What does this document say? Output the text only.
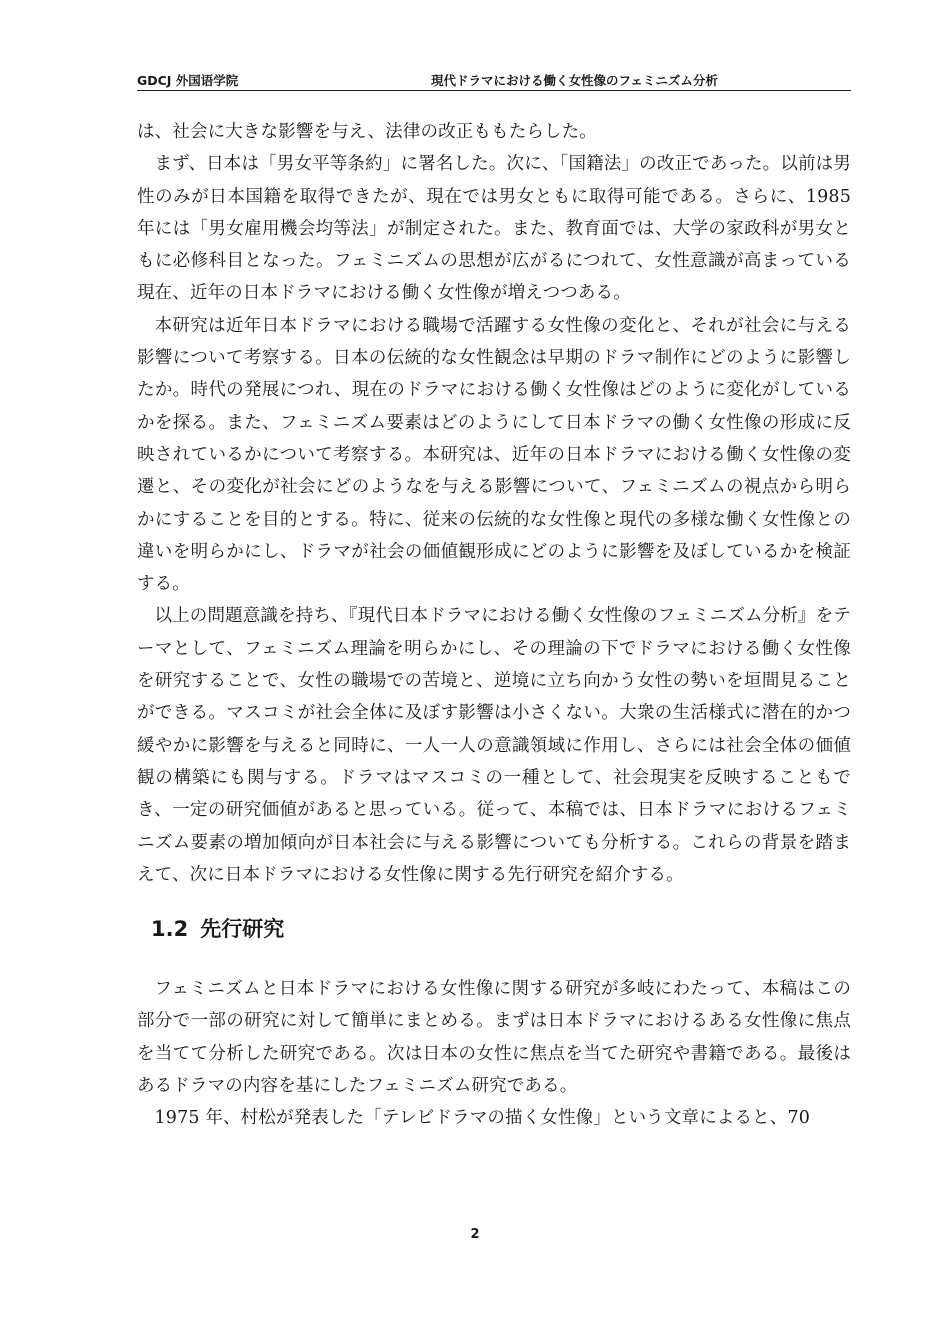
GDCJ 外国语学院	現代ドラマにおける働く女性像のフェミニズム分析

は、社会に大きな影響を与え、法律の改正ももたらした。

まず、日本は「男女平等条約」に署名した。次に、「国籍法」の改正であった。以前は男性のみが日本国籍を取得できたが、現在では男女ともに取得可能である。さらに、1985 年には「男女雇用機会均等法」が制定された。また、教育面では、大学の家政科が男女ともに必修科目となった。フェミニズムの思想が広がるにつれて、女性意識が高まっている現在、近年の日本ドラマにおける働く女性像が増えつつある。

本研究は近年日本ドラマにおける職場で活躍する女性像の変化と、それが社会に与える影響について考察する。日本の伝統的な女性観念は早期のドラマ制作にどのように影響したか。時代の発展につれ、現在のドラマにおける働く女性像はどのように変化がしているかを探る。また、フェミニズム要素はどのようにして日本ドラマの働く女性像の形成に反映されているかについて考察する。本研究は、近年の日本ドラマにおける働く女性像の変遷と、その変化が社会にどのようなを与える影響について、フェミニズムの視点から明らかにすることを目的とする。特に、従来の伝統的な女性像と現代の多様な働く女性像との違いを明らかにし、ドラマが社会の価値観形成にどのように影響を及ぼしているかを検証する。

以上の問題意識を持ち、『現代日本ドラマにおける働く女性像のフェミニズム分析』をテーマとして、フェミニズム理論を明らかにし、その理論の下でドラマにおける働く女性像を研究することで、女性の職場での苦境と、逆境に立ち向かう女性の勢いを垣間見ることができる。マスコミが社会全体に及ぼす影響は小さくない。大衆の生活様式に潜在的かつ緩やかに影響を与えると同時に、一人一人の意識領域に作用し、さらには社会全体の価値観の構築にも関与する。ドラマはマスコミの一種として、社会現実を反映することもでき、一定の研究価値があると思っている。従って、本稿では、日本ドラマにおけるフェミニズム要素の増加傾向が日本社会に与える影響についても分析する。これらの背景を踏まえて、次に日本ドラマにおける女性像に関する先行研究を紹介する。

1.2 先行研究

フェミニズムと日本ドラマにおける女性像に関する研究が多岐にわたって、本稿はこの部分で一部の研究に対して簡単にまとめる。まずは日本ドラマにおけるある女性像に焦点を当てて分析した研究である。次は日本の女性に焦点を当てた研究や書籍である。最後はあるドラマの内容を基にしたフェミニズム研究である。

1975 年、村松が発表した「テレビドラマの描く女性像」という文章によると、70

2
